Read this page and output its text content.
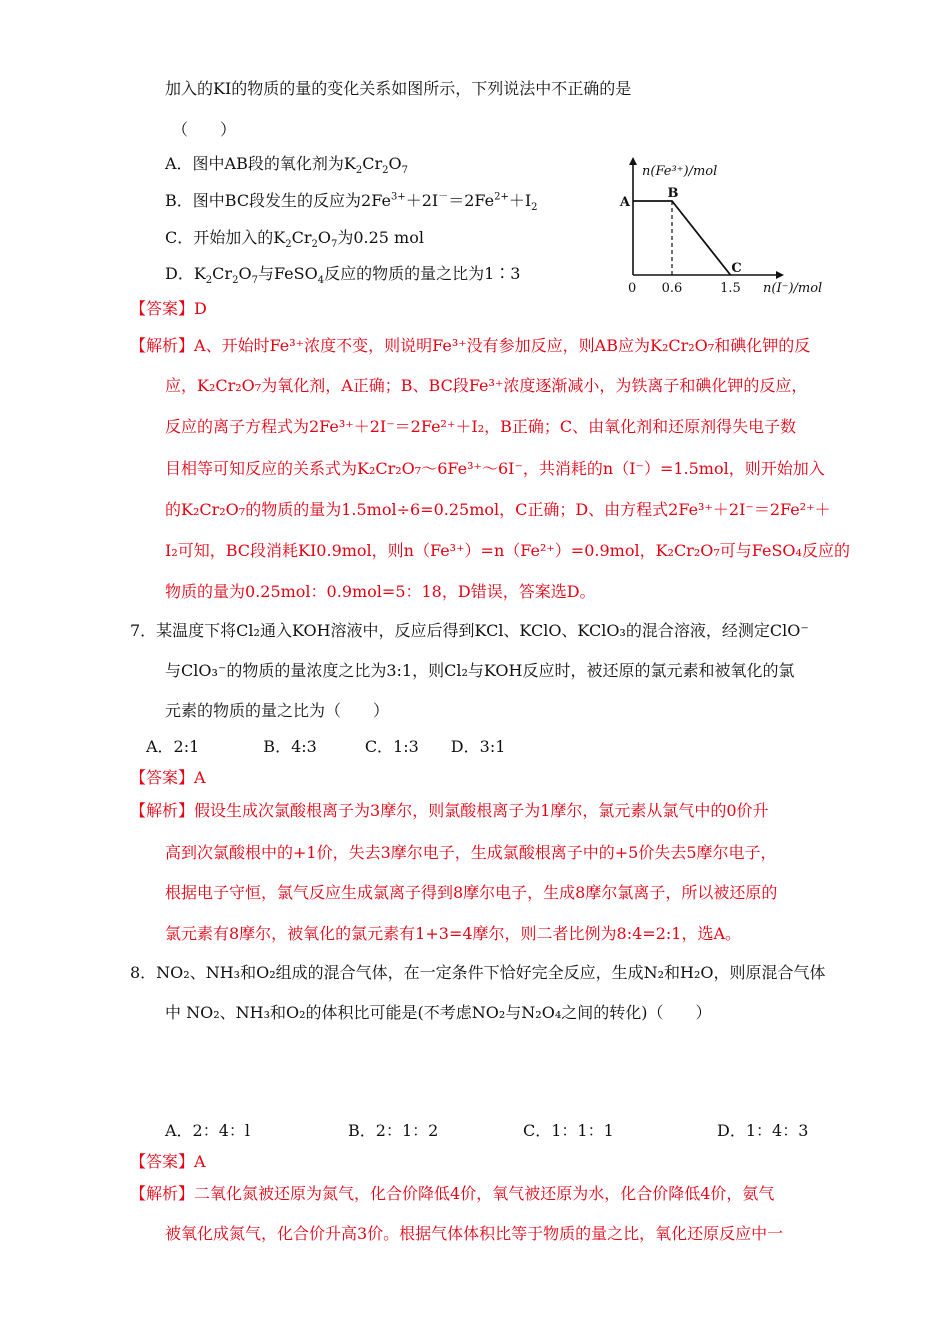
加入的KI的物质的量的变化关系如图所示，下列说法中不正确的是
（　　）
A．图中AB段的氧化剂为$K_2Cr_2O_7$
B．图中BC段发生的反应为$2Fe^{3+}+2I^-=2Fe^{2+}+I_2$
C．开始加入的$K_2Cr_2O_7$为0.25 mol
D．$K_2Cr_2O_7$与FeSO$_4$反应的物质的量之比为1∶3
n(Fe³⁺)/mol
n(I⁻)/mol
0 0.6	1.5
A
B
C
【答案】D
【解析】A、开始时Fe³⁺浓度不变，则说明Fe³⁺没有参加反应，则AB应为K₂Cr₂O₇和碘化钾的反
应，K₂Cr₂O₇为氧化剂，A正确；B、BC段Fe³⁺浓度逐渐减小，为铁离子和碘化钾的反应，
反应的离子方程式为2Fe³⁺＋2I⁻＝2Fe²⁺＋I₂，B正确；C、由氧化剂和还原剂得失电子数
目相等可知反应的关系式为K₂Cr₂O₇～6Fe³⁺～6I⁻，共消耗的n（I⁻）=1.5mol，则开始加入
的K₂Cr₂O₇的物质的量为1.5mol÷6=0.25mol，C正确；D、由方程式2Fe³⁺＋2I⁻＝2Fe²⁺＋
I₂可知，BC段消耗KI0.9mol，则n（Fe³⁺）=n（Fe²⁺）=0.9mol，K₂Cr₂O₇可与FeSO₄反应的
物质的量为0.25mol：0.9mol=5：18，D错误，答案选D。
7．某温度下将Cl₂通入KOH溶液中，反应后得到KCl、KClO、KClO₃的混合溶液，经测定ClO⁻
与ClO₃⁻的物质的量浓度之比为3:1，则Cl₂与KOH反应时，被还原的氯元素和被氧化的氯
元素的物质的量之比为（　　）
A．2:1　　　　B．4:3　　　C．1:3　　D．3:1
【答案】A
【解析】假设生成次氯酸根离子为3摩尔，则氯酸根离子为1摩尔，氯元素从氯气中的0价升
高到次氯酸根中的+1价，失去3摩尔电子，生成氯酸根离子中的+5价失去5摩尔电子，
根据电子守恒，氯气反应生成氯离子得到8摩尔电子，生成8摩尔氯离子，所以被还原的
氯元素有8摩尔，被氧化的氯元素有1+3=4摩尔，则二者比例为8:4=2:1，选A。
8．NO₂、NH₃和O₂组成的混合气体，在一定条件下恰好完全反应，生成N₂和H₂O，则原混合气体
中 NO₂、NH₃和O₂的体积比可能是(不考虑NO₂与N₂O₄之间的转化)（　　）
A．2：4：l	B．2：1：2	C．1：1：1	D．1：4：3
【答案】A
【解析】二氧化氮被还原为氮气，化合价降低4价，氧气被还原为水，化合价降低4价，氨气
被氧化成氮气，化合价升高3价。根据气体体积比等于物质的量之比，氧化还原反应中一
